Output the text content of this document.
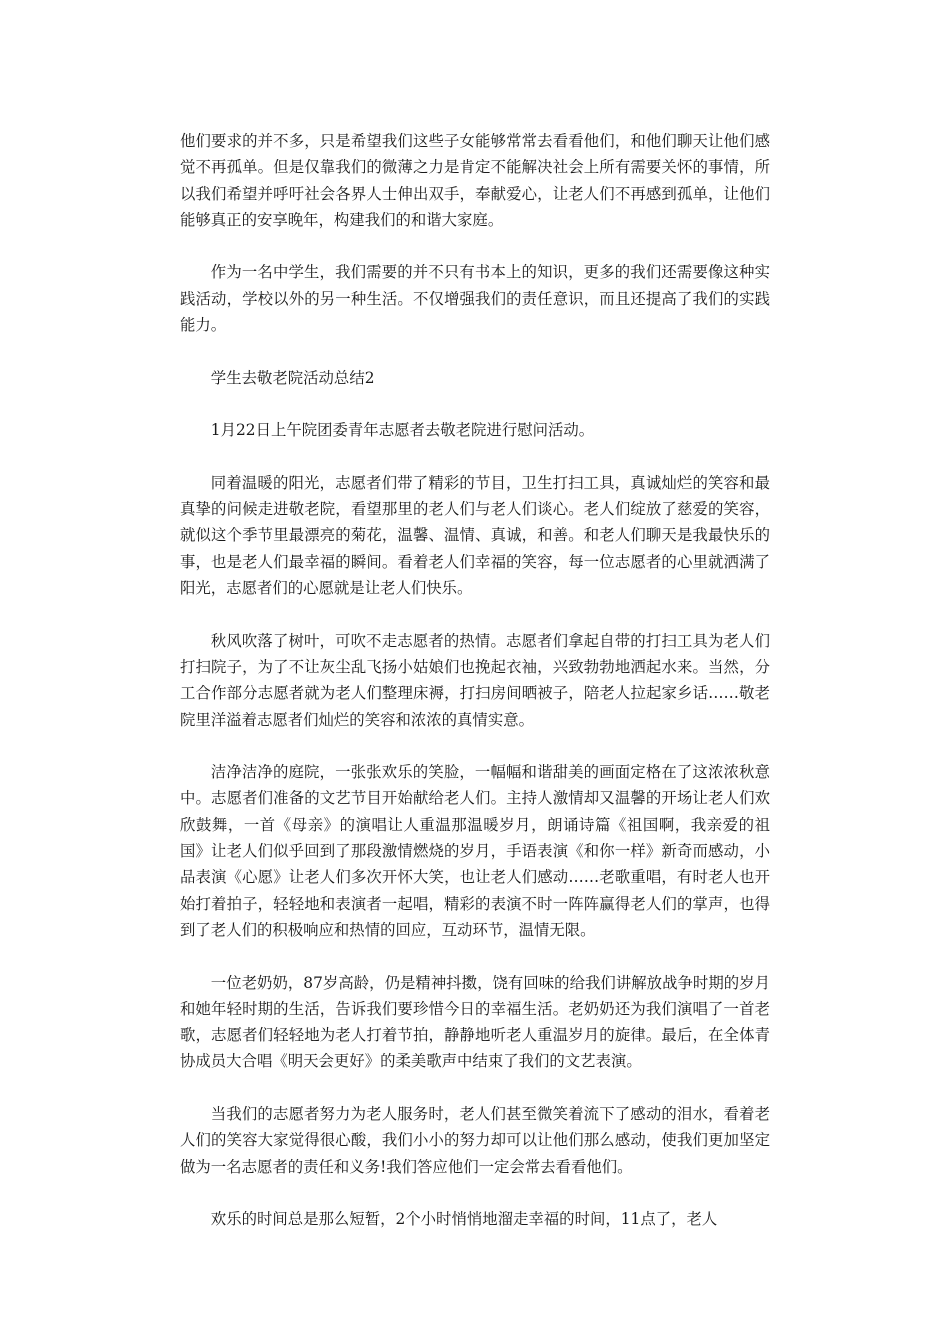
他们要求的并不多，只是希望我们这些子女能够常常去看看他们，和他们聊天让他们感觉不再孤单。但是仅靠我们的微薄之力是肯定不能解决社会上所有需要关怀的事情，所以我们希望并呼吁社会各界人士伸出双手，奉献爱心，让老人们不再感到孤单，让他们能够真正的安享晚年，构建我们的和谐大家庭。

作为一名中学生，我们需要的并不只有书本上的知识，更多的我们还需要像这种实践活动，学校以外的另一种生活。不仅增强我们的责任意识，而且还提高了我们的实践能力。

学生去敬老院活动总结2

1月22日上午院团委青年志愿者去敬老院进行慰问活动。

同着温暖的阳光，志愿者们带了精彩的节目，卫生打扫工具，真诚灿烂的笑容和最真挚的问候走进敬老院，看望那里的老人们与老人们谈心。老人们绽放了慈爱的笑容，就似这个季节里最漂亮的菊花，温馨、温情、真诚，和善。和老人们聊天是我最快乐的事，也是老人们最幸福的瞬间。看着老人们幸福的笑容，每一位志愿者的心里就洒满了阳光，志愿者们的心愿就是让老人们快乐。

秋风吹落了树叶，可吹不走志愿者的热情。志愿者们拿起自带的打扫工具为老人们打扫院子，为了不让灰尘乱飞扬小姑娘们也挽起衣袖，兴致勃勃地洒起水来。当然，分工合作部分志愿者就为老人们整理床褥，打扫房间晒被子，陪老人拉起家乡话……敬老院里洋溢着志愿者们灿烂的笑容和浓浓的真情实意。

洁净洁净的庭院，一张张欢乐的笑脸，一幅幅和谐甜美的画面定格在了这浓浓秋意中。志愿者们准备的文艺节目开始献给老人们。主持人激情却又温馨的开场让老人们欢欣鼓舞，一首《母亲》的演唱让人重温那温暖岁月，朗诵诗篇《祖国啊，我亲爱的祖国》让老人们似乎回到了那段激情燃烧的岁月，手语表演《和你一样》新奇而感动，小品表演《心愿》让老人们多次开怀大笑，也让老人们感动……老歌重唱，有时老人也开始打着拍子，轻轻地和表演者一起唱，精彩的表演不时一阵阵赢得老人们的掌声，也得到了老人们的积极响应和热情的回应，互动环节，温情无限。

一位老奶奶，87岁高龄，仍是精神抖擞，饶有回味的给我们讲解放战争时期的岁月和她年轻时期的生活，告诉我们要珍惜今日的幸福生活。老奶奶还为我们演唱了一首老歌，志愿者们轻轻地为老人打着节拍，静静地听老人重温岁月的旋律。最后，在全体青协成员大合唱《明天会更好》的柔美歌声中结束了我们的文艺表演。

当我们的志愿者努力为老人服务时，老人们甚至微笑着流下了感动的泪水，看着老人们的笑容大家觉得很心酸，我们小小的努力却可以让他们那么感动，使我们更加坚定做为一名志愿者的责任和义务!我们答应他们一定会常去看看他们。

欢乐的时间总是那么短暂，2个小时悄悄地溜走幸福的时间，11点了，老人
